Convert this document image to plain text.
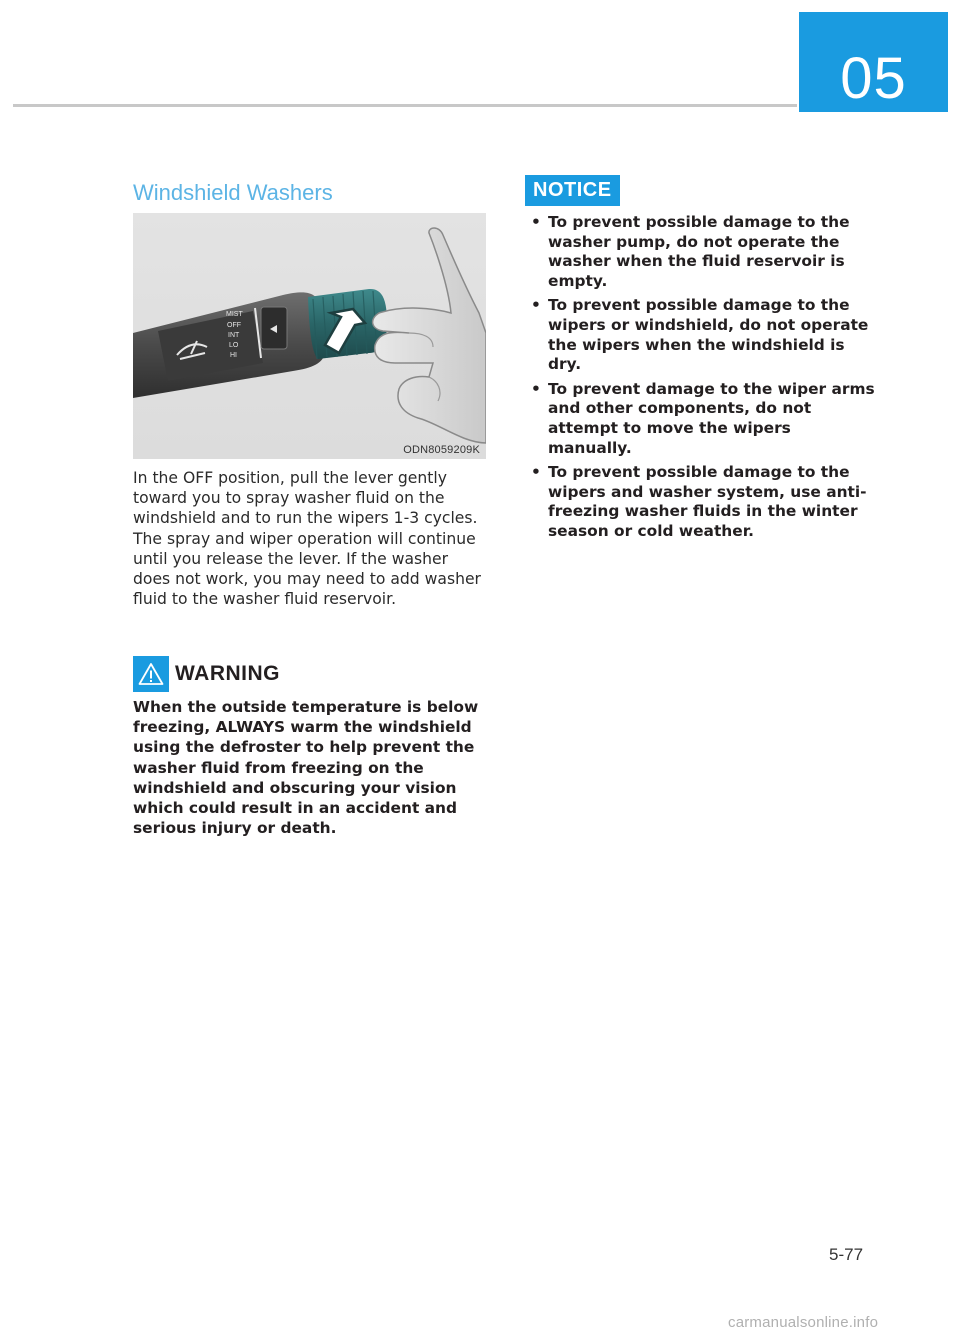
05
Windshield Washers
MIST
OFF
INT
LO
HI
ODN8059209K
In the OFF position, pull the lever gently toward you to spray washer fluid on the windshield and to run the wipers 1-3 cycles. The spray and wiper operation will continue until you release the lever. If the washer does not work, you may need to add washer fluid to the washer fluid reservoir.
WARNING
When the outside temperature is below freezing, ALWAYS warm the windshield using the defroster to help prevent the washer fluid from freezing on the windshield and obscuring your vision which could result in an accident and serious injury or death.
NOTICE
• To prevent possible damage to the washer pump, do not operate the washer when the fluid reservoir is empty.
• To prevent possible damage to the wipers or windshield, do not operate the wipers when the windshield is dry.
• To prevent damage to the wiper arms and other components, do not attempt to move the wipers manually.
• To prevent possible damage to the wipers and washer system, use anti-freezing washer fluids in the winter season or cold weather.
5-77
carmanualsonline.info
